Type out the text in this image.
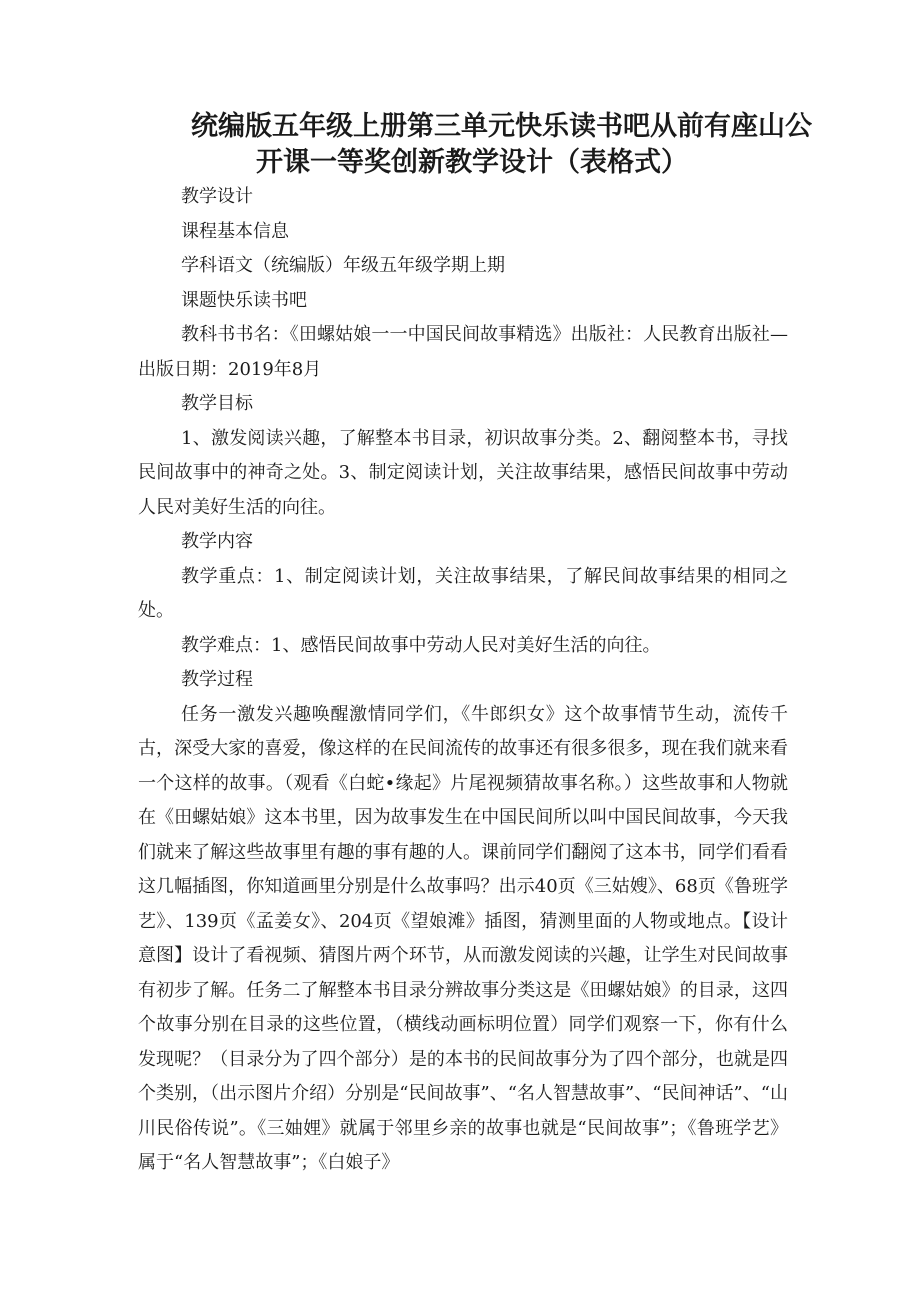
统编版五年级上册第三单元快乐读书吧从前有座山公
开课一等奖创新教学设计（表格式）

教学设计

课程基本信息

学科语文（统编版）年级五年级学期上期

课题快乐读书吧

教科书书名：《田螺姑娘一一中国民间故事精选》出版社：人民教育出版社—出版日期：2019年8月

教学目标

1、激发阅读兴趣，了解整本书目录，初识故事分类。2、翻阅整本书，寻找民间故事中的神奇之处。3、制定阅读计划，关注故事结果，感悟民间故事中劳动人民对美好生活的向往。

教学内容

教学重点：1、制定阅读计划，关注故事结果，了解民间故事结果的相同之处。

教学难点：1、感悟民间故事中劳动人民对美好生活的向往。

教学过程

任务一激发兴趣唤醒激情同学们，《牛郎织女》这个故事情节生动，流传千古，深受大家的喜爱，像这样的在民间流传的故事还有很多很多，现在我们就来看一个这样的故事。（观看《白蛇•缘起》片尾视频猜故事名称。）这些故事和人物就在《田螺姑娘》这本书里，因为故事发生在中国民间所以叫中国民间故事，今天我们就来了解这些故事里有趣的事有趣的人。课前同学们翻阅了这本书，同学们看看这几幅插图，你知道画里分别是什么故事吗？出示40页《三姑嫂》、68页《鲁班学艺》、139页《孟姜女》、204页《望娘滩》插图，猜测里面的人物或地点。【设计意图】设计了看视频、猜图片两个环节，从而激发阅读的兴趣，让学生对民间故事有初步了解。任务二了解整本书目录分辨故事分类这是《田螺姑娘》的目录，这四个故事分别在目录的这些位置，（横线动画标明位置）同学们观察一下，你有什么发现呢？（目录分为了四个部分）是的本书的民间故事分为了四个部分，也就是四个类别，（出示图片介绍）分别是“民间故事”、“名人智慧故事”、“民间神话”、“山川民俗传说”。《三妯娌》就属于邻里乡亲的故事也就是“民间故事”；《鲁班学艺》属于“名人智慧故事”；《白娘子》
